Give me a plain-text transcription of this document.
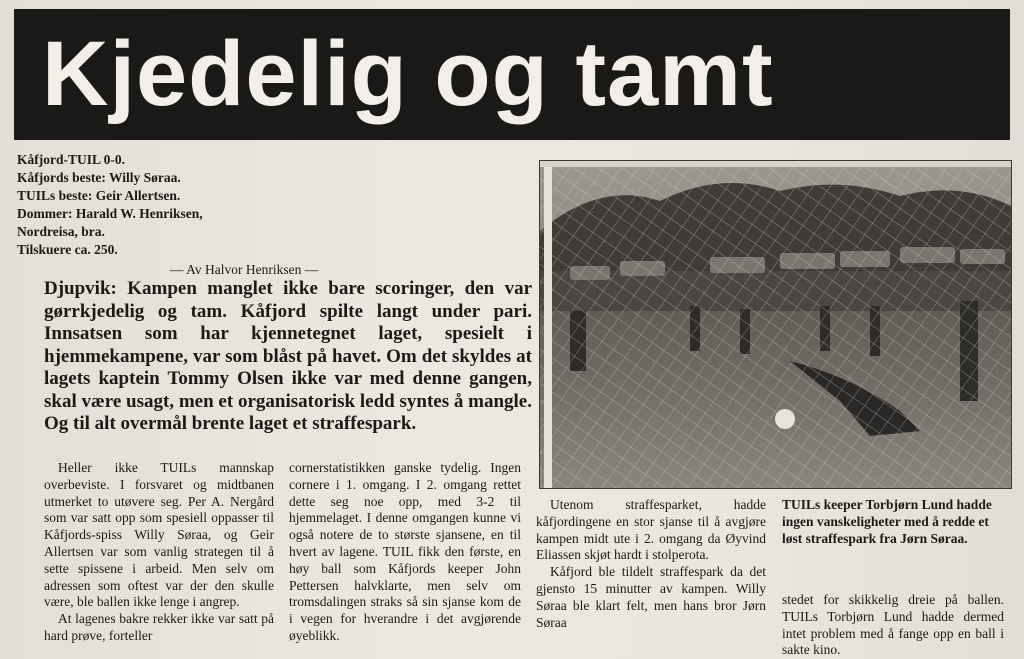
Kjedelig og tamt
Kåfjord-TUIL 0-0.
Kåfjords beste: Willy Søraa.
TUILs beste: Geir Allertsen.
Dommer: Harald W. Henriksen,
Nordreisa, bra.
Tilskuere ca. 250.
— Av Halvor Henriksen —
Djupvik: Kampen manglet ikke bare scoringer, den var gørrkjedelig og tam. Kåfjord spilte langt under pari. Innsatsen som har kjennetegnet laget, spesielt i hjemmekampene, var som blåst på havet. Om det skyldes at lagets kaptein Tommy Olsen ikke var med denne gangen, skal være usagt, men et organisatorisk ledd syntes å mangle. Og til alt overmål brente laget et straffespark.

Heller ikke TUILs mannskap overbeviste. I forsvaret og midtbanen utmerket to utøvere seg. Per A. Nergård som var satt opp som spesiell oppasser til Kåfjords-spiss Willy Søraa, og Geir Allertsen var som vanlig strategen til å sette spissene i arbeid. Men selv om adressen som oftest var der den skulle være, ble ballen ikke lenge i angrep.

At lagenes bakre rekker ikke var satt på hard prøve, forteller

cornerstatistikken ganske tydelig. Ingen cornere i 1. omgang. I 2. omgang rettet dette seg noe opp, med 3-2 til hjemmelaget. I denne omgangen kunne vi også notere de to største sjansene, en til hvert av lagene. TUIL fikk den første, en høy ball som Kåfjords keeper John Pettersen halvklarte, men selv om tromsdalingen straks så sin sjanse kom de i vegen for hverandre i det avgjørende øyeblikk.

Utenom straffesparket, hadde kåfjordingene en stor sjanse til å avgjøre kampen midt ute i 2. omgang da Øyvind Eliassen skjøt hardt i stolperota.

Kåfjord ble tildelt straffespark da det gjensto 15 minutter av kampen. Willy Søraa ble klart felt, men hans bror Jørn Søraa

TUILs keeper Torbjørn Lund hadde ingen vanskeligheter med å redde et løst straffespark fra Jørn Søraa.

stedet for skikkelig dreie på ballen. TUILs Torbjørn Lund hadde dermed intet problem med å fange opp en ball i sakte kino.
